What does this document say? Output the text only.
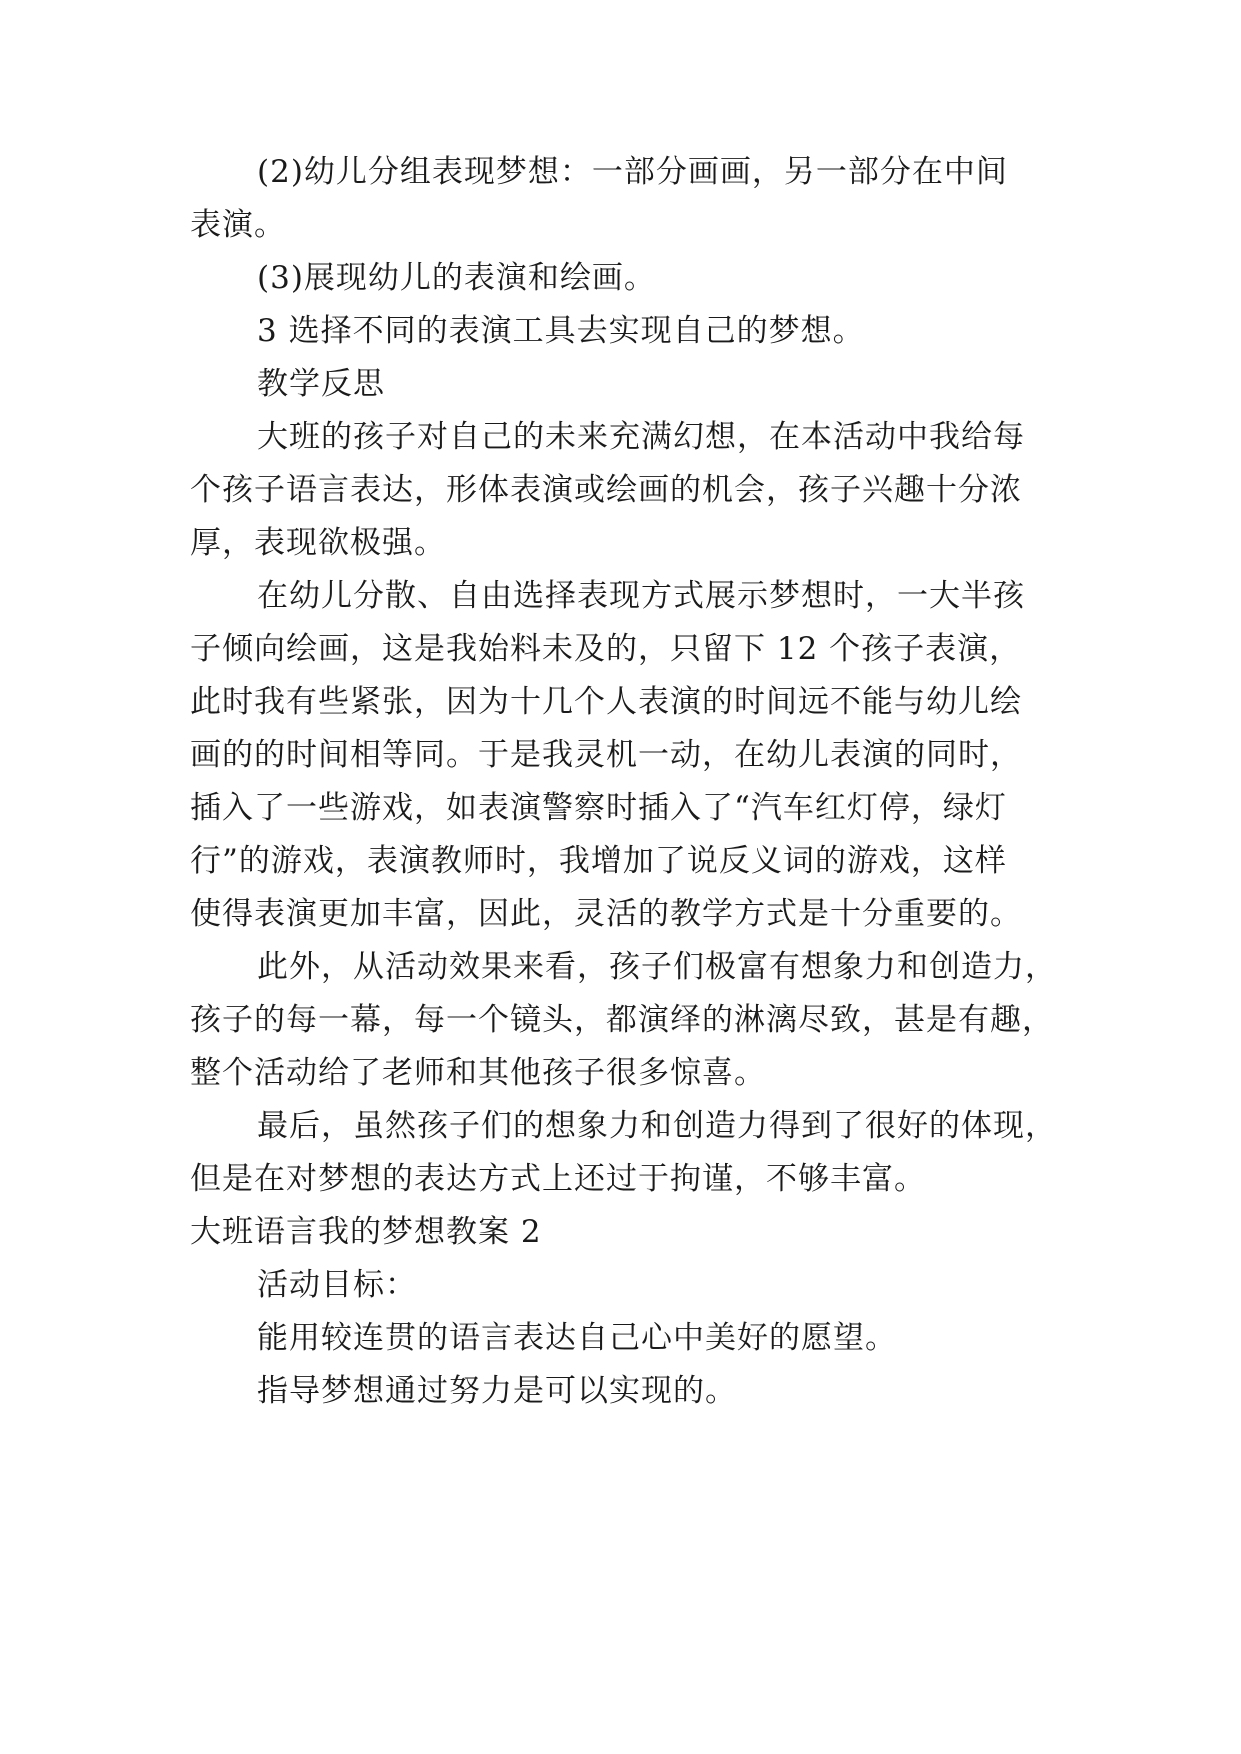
(2)幼儿分组表现梦想：一部分画画，另一部分在中间
表演。
(3)展现幼儿的表演和绘画。
3 选择不同的表演工具去实现自己的梦想。
教学反思
大班的孩子对自己的未来充满幻想，在本活动中我给每
个孩子语言表达，形体表演或绘画的机会，孩子兴趣十分浓
厚，表现欲极强。
在幼儿分散、自由选择表现方式展示梦想时，一大半孩
子倾向绘画，这是我始料未及的，只留下 12 个孩子表演，
此时我有些紧张，因为十几个人表演的时间远不能与幼儿绘
画的的时间相等同。于是我灵机一动，在幼儿表演的同时，
插入了一些游戏，如表演警察时插入了“汽车红灯停，绿灯
行”的游戏，表演教师时，我增加了说反义词的游戏，这样
使得表演更加丰富，因此，灵活的教学方式是十分重要的。
此外，从活动效果来看，孩子们极富有想象力和创造力，
孩子的每一幕，每一个镜头，都演绎的淋漓尽致，甚是有趣，
整个活动给了老师和其他孩子很多惊喜。
最后，虽然孩子们的想象力和创造力得到了很好的体现，
但是在对梦想的表达方式上还过于拘谨，不够丰富。
大班语言我的梦想教案 2
活动目标：
能用较连贯的语言表达自己心中美好的愿望。
指导梦想通过努力是可以实现的。
